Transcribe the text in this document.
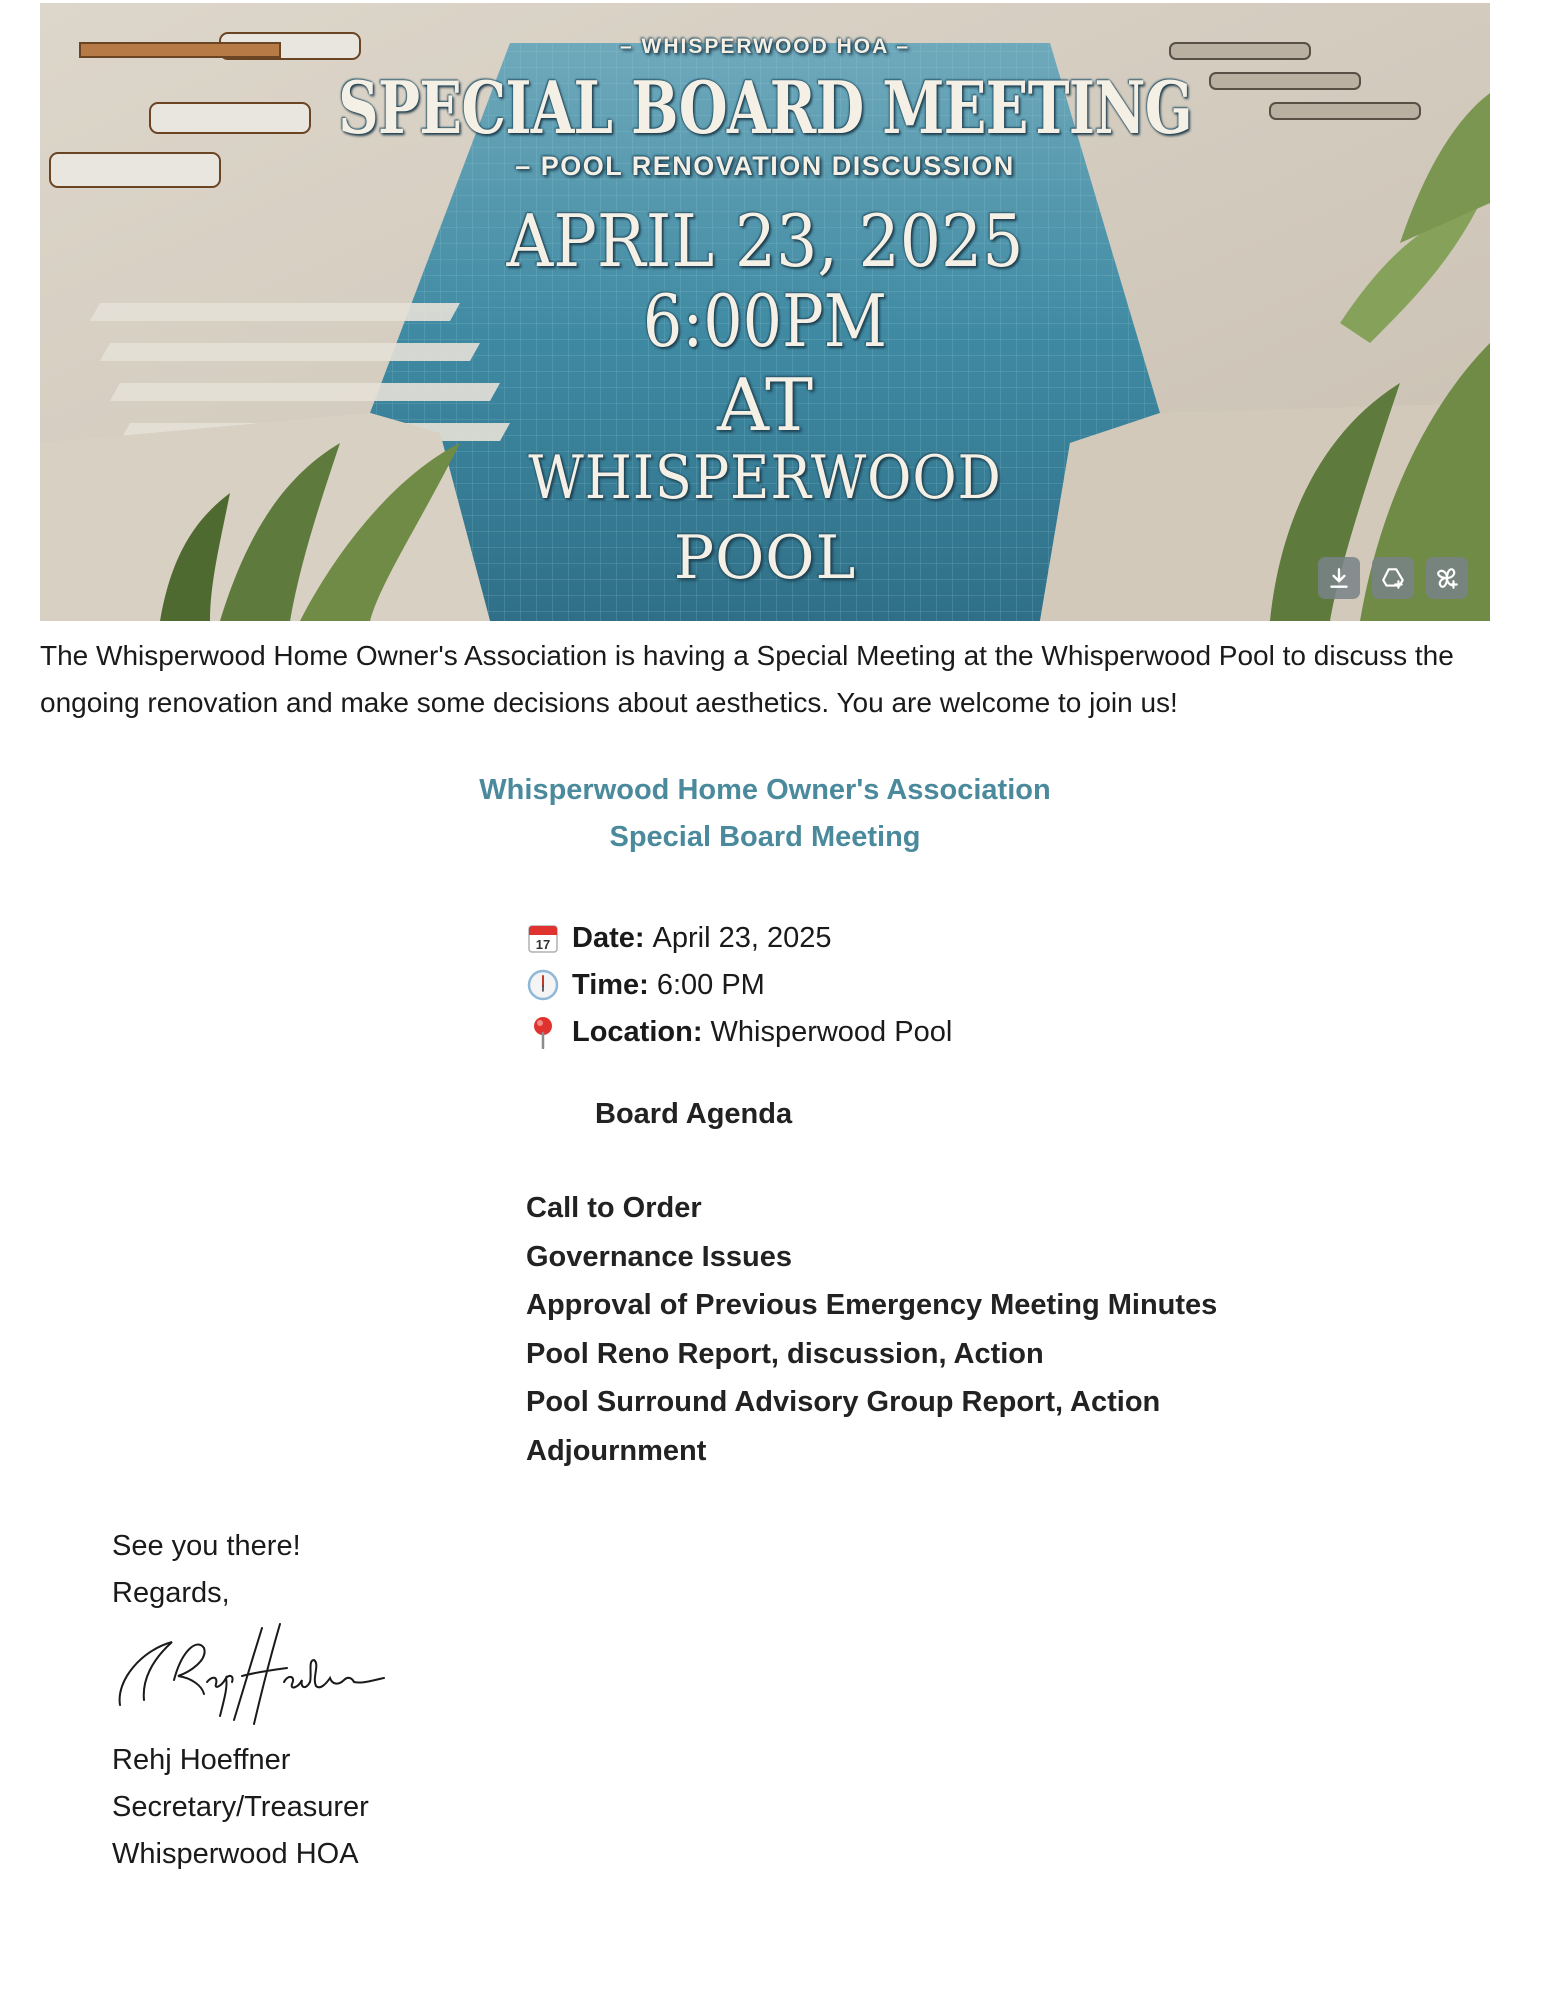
– WHISPERWOOD HOA –
SPECIAL BOARD MEETING
– POOL RENOVATION DISCUSSION
APRIL 23, 2025
6:00PM
AT
WHISPERWOOD
POOL

The Whisperwood Home Owner's Association is having a Special Meeting at the Whisperwood Pool to discuss the ongoing renovation and make some decisions about aesthetics. You are welcome to join us!

Whisperwood Home Owner's Association
Special Board Meeting
17 Date: April 23, 2025
Time: 6:00 PM
Location: Whisperwood Pool
Board Agenda
Call to Order
Governance Issues
Approval of Previous Emergency Meeting Minutes
Pool Reno Report, discussion, Action
Pool Surround Advisory Group Report, Action
Adjournment
See you there!
Regards,
Rehj Hoeffner
Secretary/Treasurer
Whisperwood HOA
